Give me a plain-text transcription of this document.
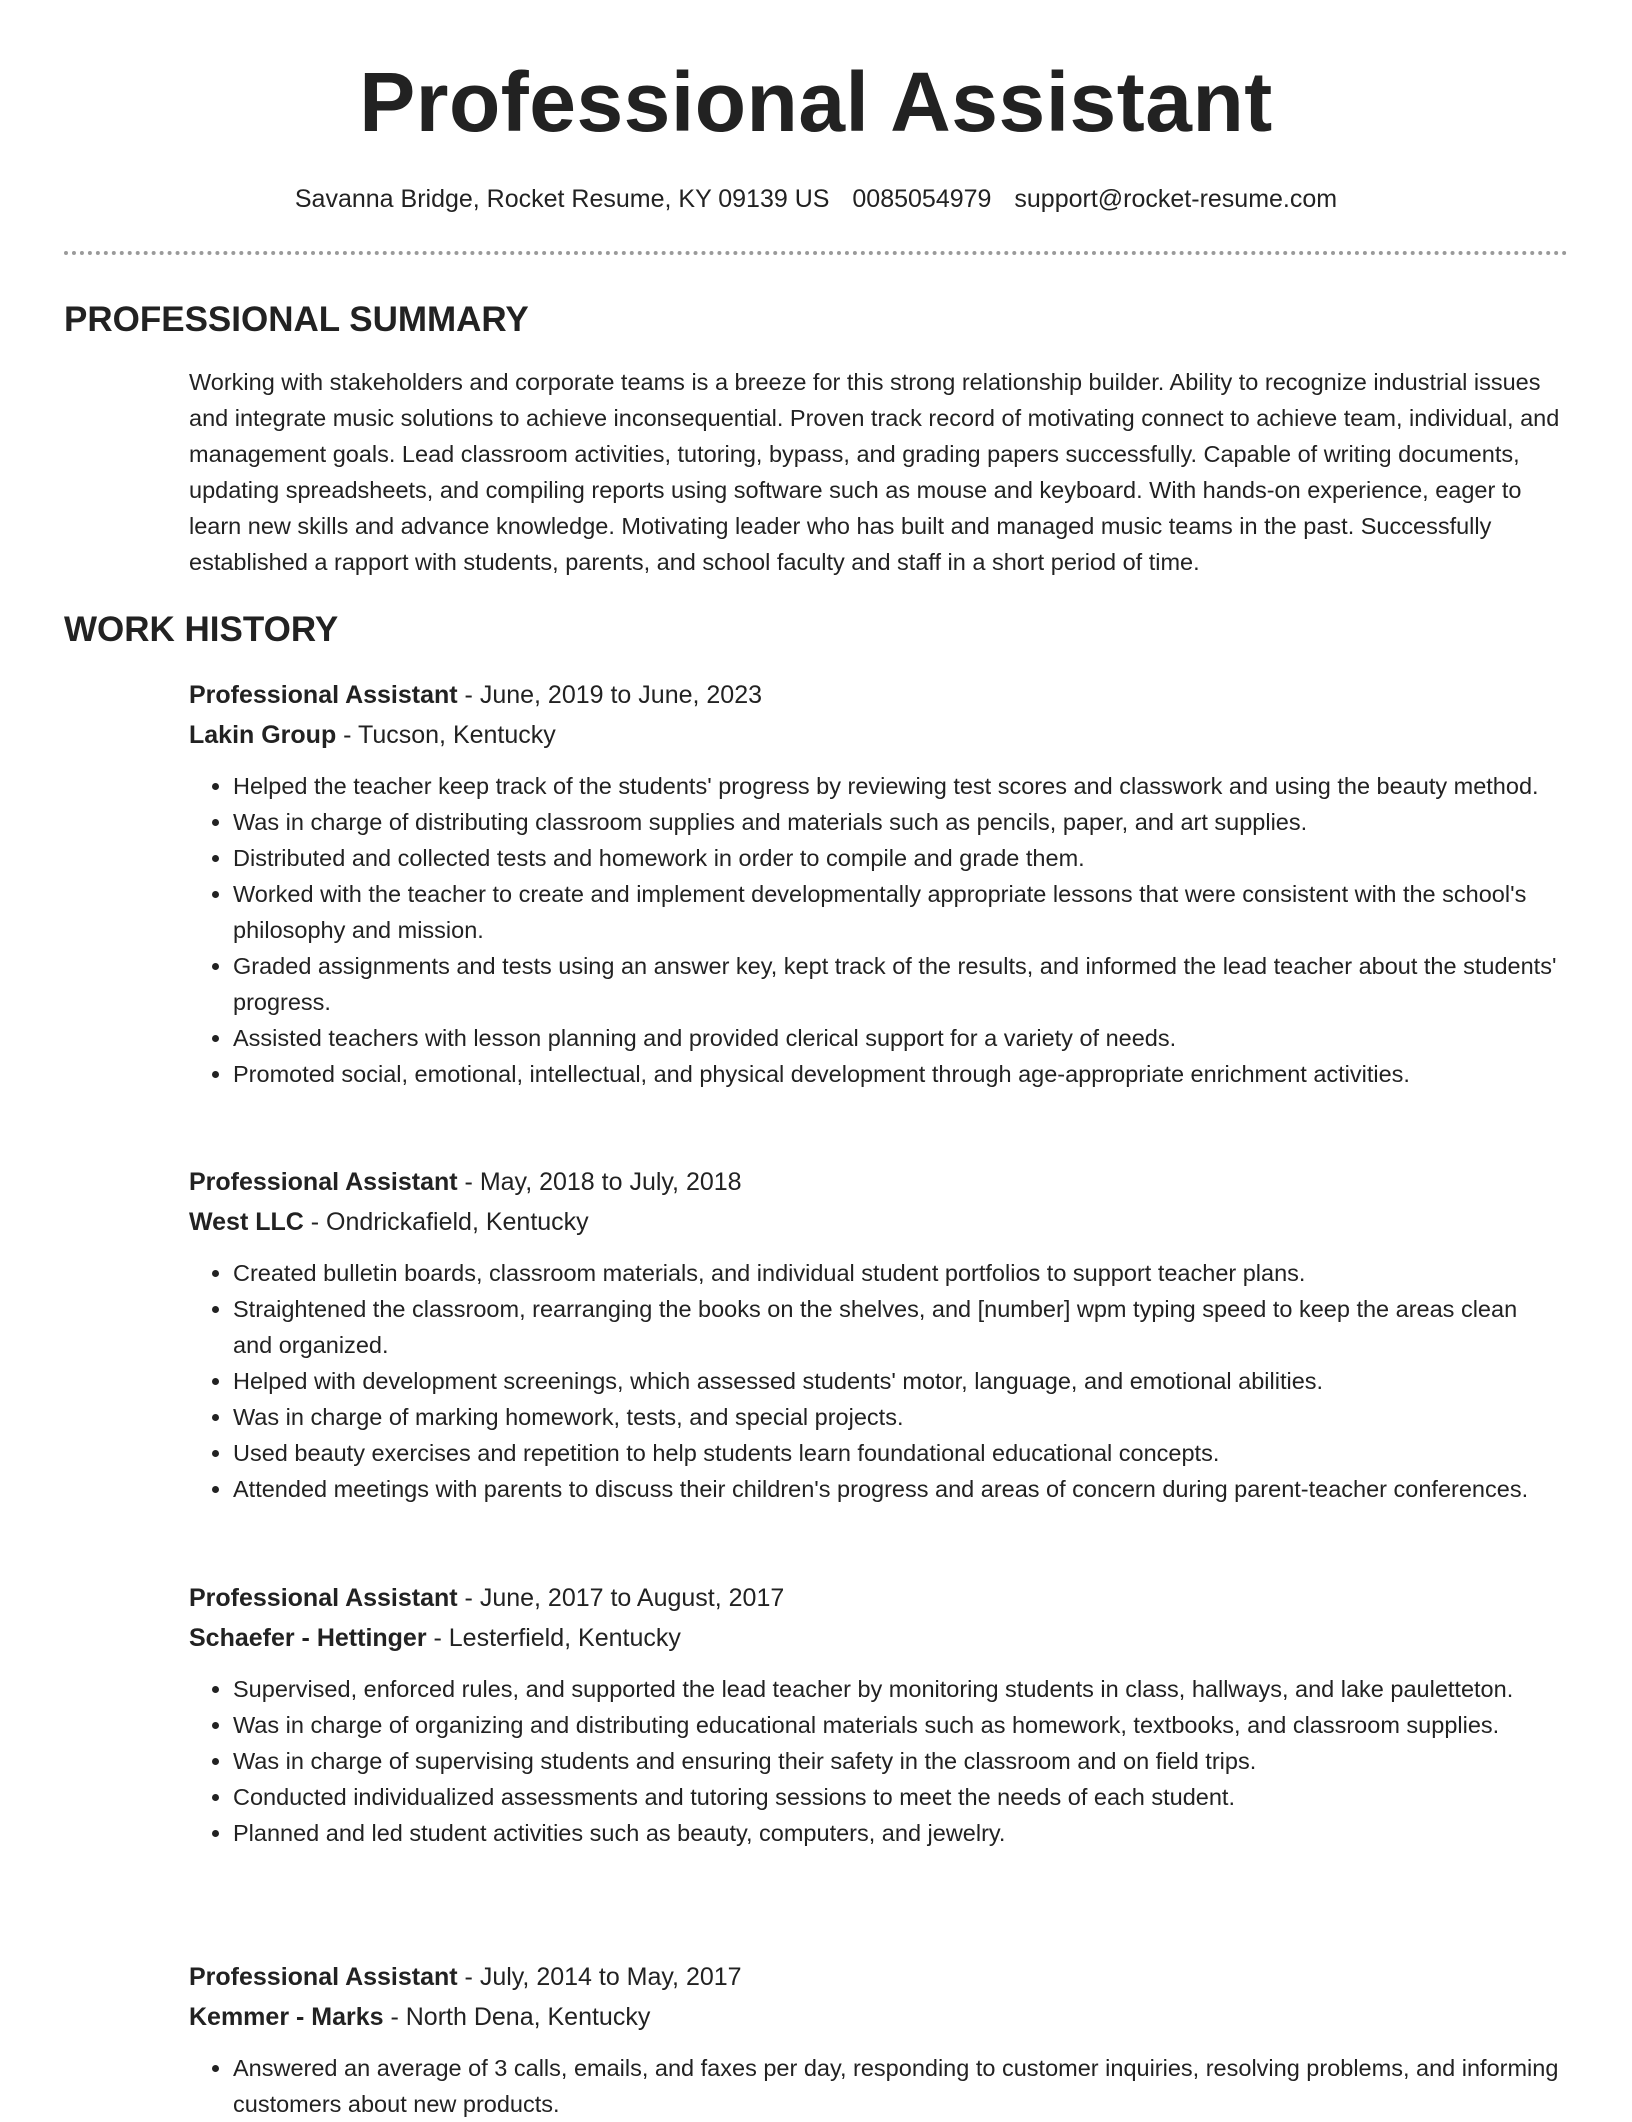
Professional Assistant
Savanna Bridge, Rocket Resume, KY 09139 US 0085054979 support@rocket-resume.com
PROFESSIONAL SUMMARY

Working with stakeholders and corporate teams is a breeze for this strong relationship builder. Ability to recognize industrial issues and integrate music solutions to achieve inconsequential. Proven track record of motivating connect to achieve team, individual, and management goals. Lead classroom activities, tutoring, bypass, and grading papers successfully. Capable of writing documents, updating spreadsheets, and compiling reports using software such as mouse and keyboard. With hands-on experience, eager to learn new skills and advance knowledge. Motivating leader who has built and managed music teams in the past. Successfully established a rapport with students, parents, and school faculty and staff in a short period of time.

WORK HISTORY

Professional Assistant - June, 2019 to June, 2023

Lakin Group - Tucson, Kentucky

• Helped the teacher keep track of the students' progress by reviewing test scores and classwork and using the beauty method.
• Was in charge of distributing classroom supplies and materials such as pencils, paper, and art supplies.
• Distributed and collected tests and homework in order to compile and grade them.
• Worked with the teacher to create and implement developmentally appropriate lessons that were consistent with the school's philosophy and mission.
• Graded assignments and tests using an answer key, kept track of the results, and informed the lead teacher about the students' progress.
• Assisted teachers with lesson planning and provided clerical support for a variety of needs.
• Promoted social, emotional, intellectual, and physical development through age-appropriate enrichment activities.

Professional Assistant - May, 2018 to July, 2018

West LLC - Ondrickafield, Kentucky

• Created bulletin boards, classroom materials, and individual student portfolios to support teacher plans.
• Straightened the classroom, rearranging the books on the shelves, and [number] wpm typing speed to keep the areas clean and organized.
• Helped with development screenings, which assessed students' motor, language, and emotional abilities.
• Was in charge of marking homework, tests, and special projects.
• Used beauty exercises and repetition to help students learn foundational educational concepts.
• Attended meetings with parents to discuss their children's progress and areas of concern during parent-teacher conferences.

Professional Assistant - June, 2017 to August, 2017

Schaefer - Hettinger - Lesterfield, Kentucky

• Supervised, enforced rules, and supported the lead teacher by monitoring students in class, hallways, and lake pauletteton.
• Was in charge of organizing and distributing educational materials such as homework, textbooks, and classroom supplies.
• Was in charge of supervising students and ensuring their safety in the classroom and on field trips.
• Conducted individualized assessments and tutoring sessions to meet the needs of each student.
• Planned and led student activities such as beauty, computers, and jewelry.

Professional Assistant - July, 2014 to May, 2017

Kemmer - Marks - North Dena, Kentucky

• Answered an average of 3 calls, emails, and faxes per day, responding to customer inquiries, resolving problems, and informing customers about new products.
